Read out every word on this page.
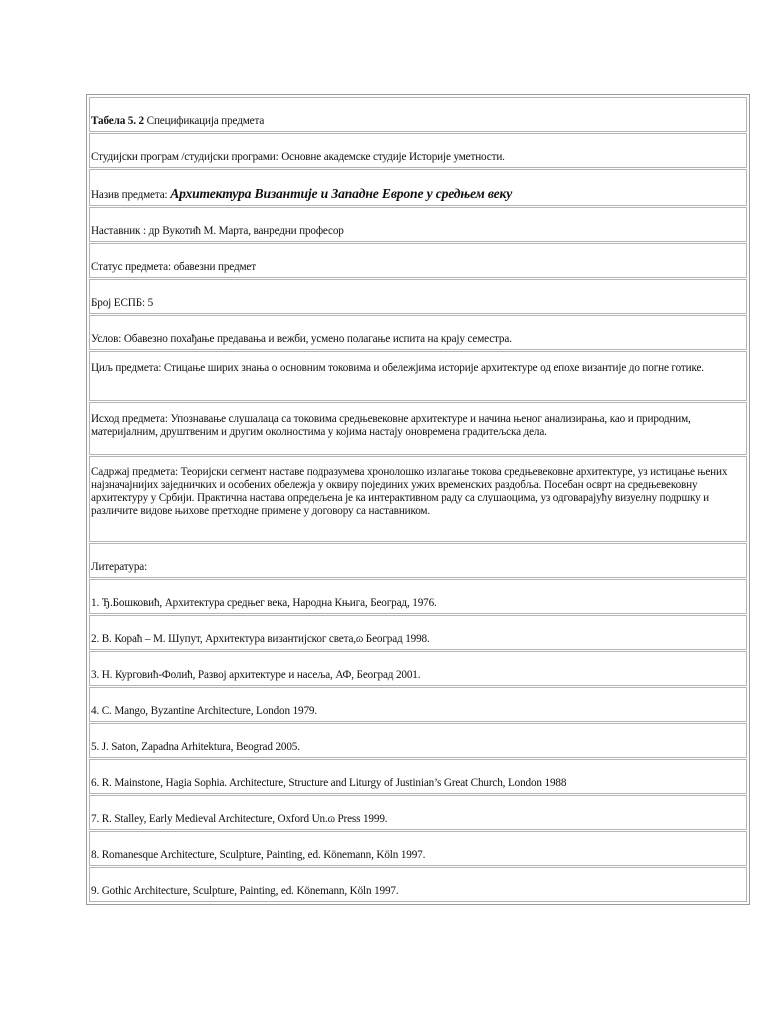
Табела 5. 2 Спецификација предмета
Студијски програм /студијски програми: Основне академске студије Историје уметности.
Назив предмета: Архитектура Византије и Западне Европе у средњем веку
Наставник : др Вукотић М. Марта, ванредни професор
Статус предмета: обавезни предмет
Број ЕСПБ: 5
Услов: Обавезно похађање предавања и вежби, усмено полагање испита на крају семестра.
Циљ предмета: Стицање ширих знања о основним токовима и обележјима историје архитектуре од епохе византије до погне готике.
Исход предмета: Упознавање слушалаца са токовима средњевековне архитектуре и начина њеног анализирања, као и природним, материјалним, друштвеним и другим околностима у којима настају оновремена градитељска дела.
Садржај предмета: Теоријски сегмент наставе подразумева хронолошко излагање токова средњевековне архитектуре, уз истицање њених најзначајнијих заједничких и особених обележја у оквиру појединих ужих временских раздобља. Посебан осврт на средњевековну архитектуру у Србији. Практична настава опредељена је ка интерактивном раду са слушаоцима, уз одговарајућу визуелну подршку и различите видове њихове претходне примене у договору са наставником.
Литература:
1. Ђ.Бошковић, Архитектура средњег века, Народна Књига, Београд, 1976.
2. В. Кораћ – М. Шупут, Архитектура византијског света,ɷ Београд 1998.
3. Н. Курговић-Фолић, Развој архитектуре и насеља, АФ, Београд 2001.
4. C. Mango, Byzantine Architecture, London 1979.
5. J. Saton, Zapadna Arhitektura, Beograd 2005.
6. R. Mainstone, Hagia Sophia. Architecture, Structure and Liturgy of Justinian’s Great Church, London 1988
7. R. Stalley, Early Medieval Architecture, Oxford Un.ɷ Press 1999.
8. Romanesque Architecture, Sculpture, Painting, ed. Könemann, Köln 1997.
9. Gothic Architecture, Sculpture, Painting, ed. Könemann, Köln 1997.
